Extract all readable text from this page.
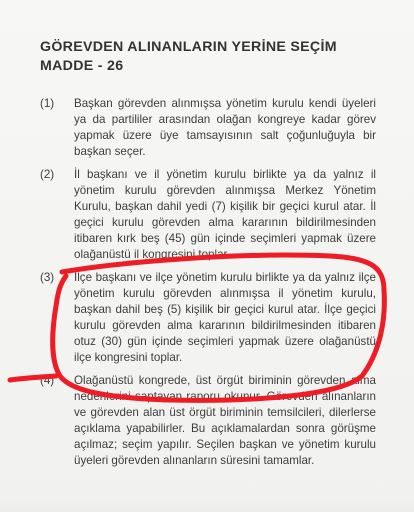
GÖREVDEN ALINANLARIN YERİNE SEÇİM
MADDE - 26
(1)	Başkan görevden alınmışsa yönetim kurulu kendi üyeleri ya da partililer arasından olağan kongreye kadar görev yapmak üzere üye tamsayısının salt çoğunluğuyla bir başkan seçer.
(2)	İl başkanı ve il yönetim kurulu birlikte ya da yalnız il yönetim kurulu görevden alınmışsa Merkez Yönetim Kurulu, başkan dahil yedi (7) kişilik bir geçici kurul atar. İl geçici kurulu görevden alma kararının bildirilmesinden itibaren kırk beş (45) gün içinde seçimleri yapmak üzere olağanüstü il kongresini toplar.
(3)	İlçe başkanı ve ilçe yönetim kurulu birlikte ya da yalnız ilçe yönetim kurulu görevden alınmışsa il yönetim kurulu, başkan dahil beş (5) kişilik bir geçici kurul atar. İlçe geçici kurulu görevden alma kararının bildirilmesinden itibaren otuz (30) gün içinde seçimleri yapmak üzere olağanüstü ilçe kongresini toplar.
(4)	Olağanüstü kongrede, üst örgüt biriminin görevden alma nedenlerini saptayan raporu okunur. Görevden alınanların ve görevden alan üst örgüt biriminin temsilcileri, dilerlerse açıklama yapabilirler. Bu açıklamalardan sonra görüşme açılmaz; seçim yapılır. Seçilen başkan ve yönetim kurulu üyeleri görevden alınanların süresini tamamlar.
